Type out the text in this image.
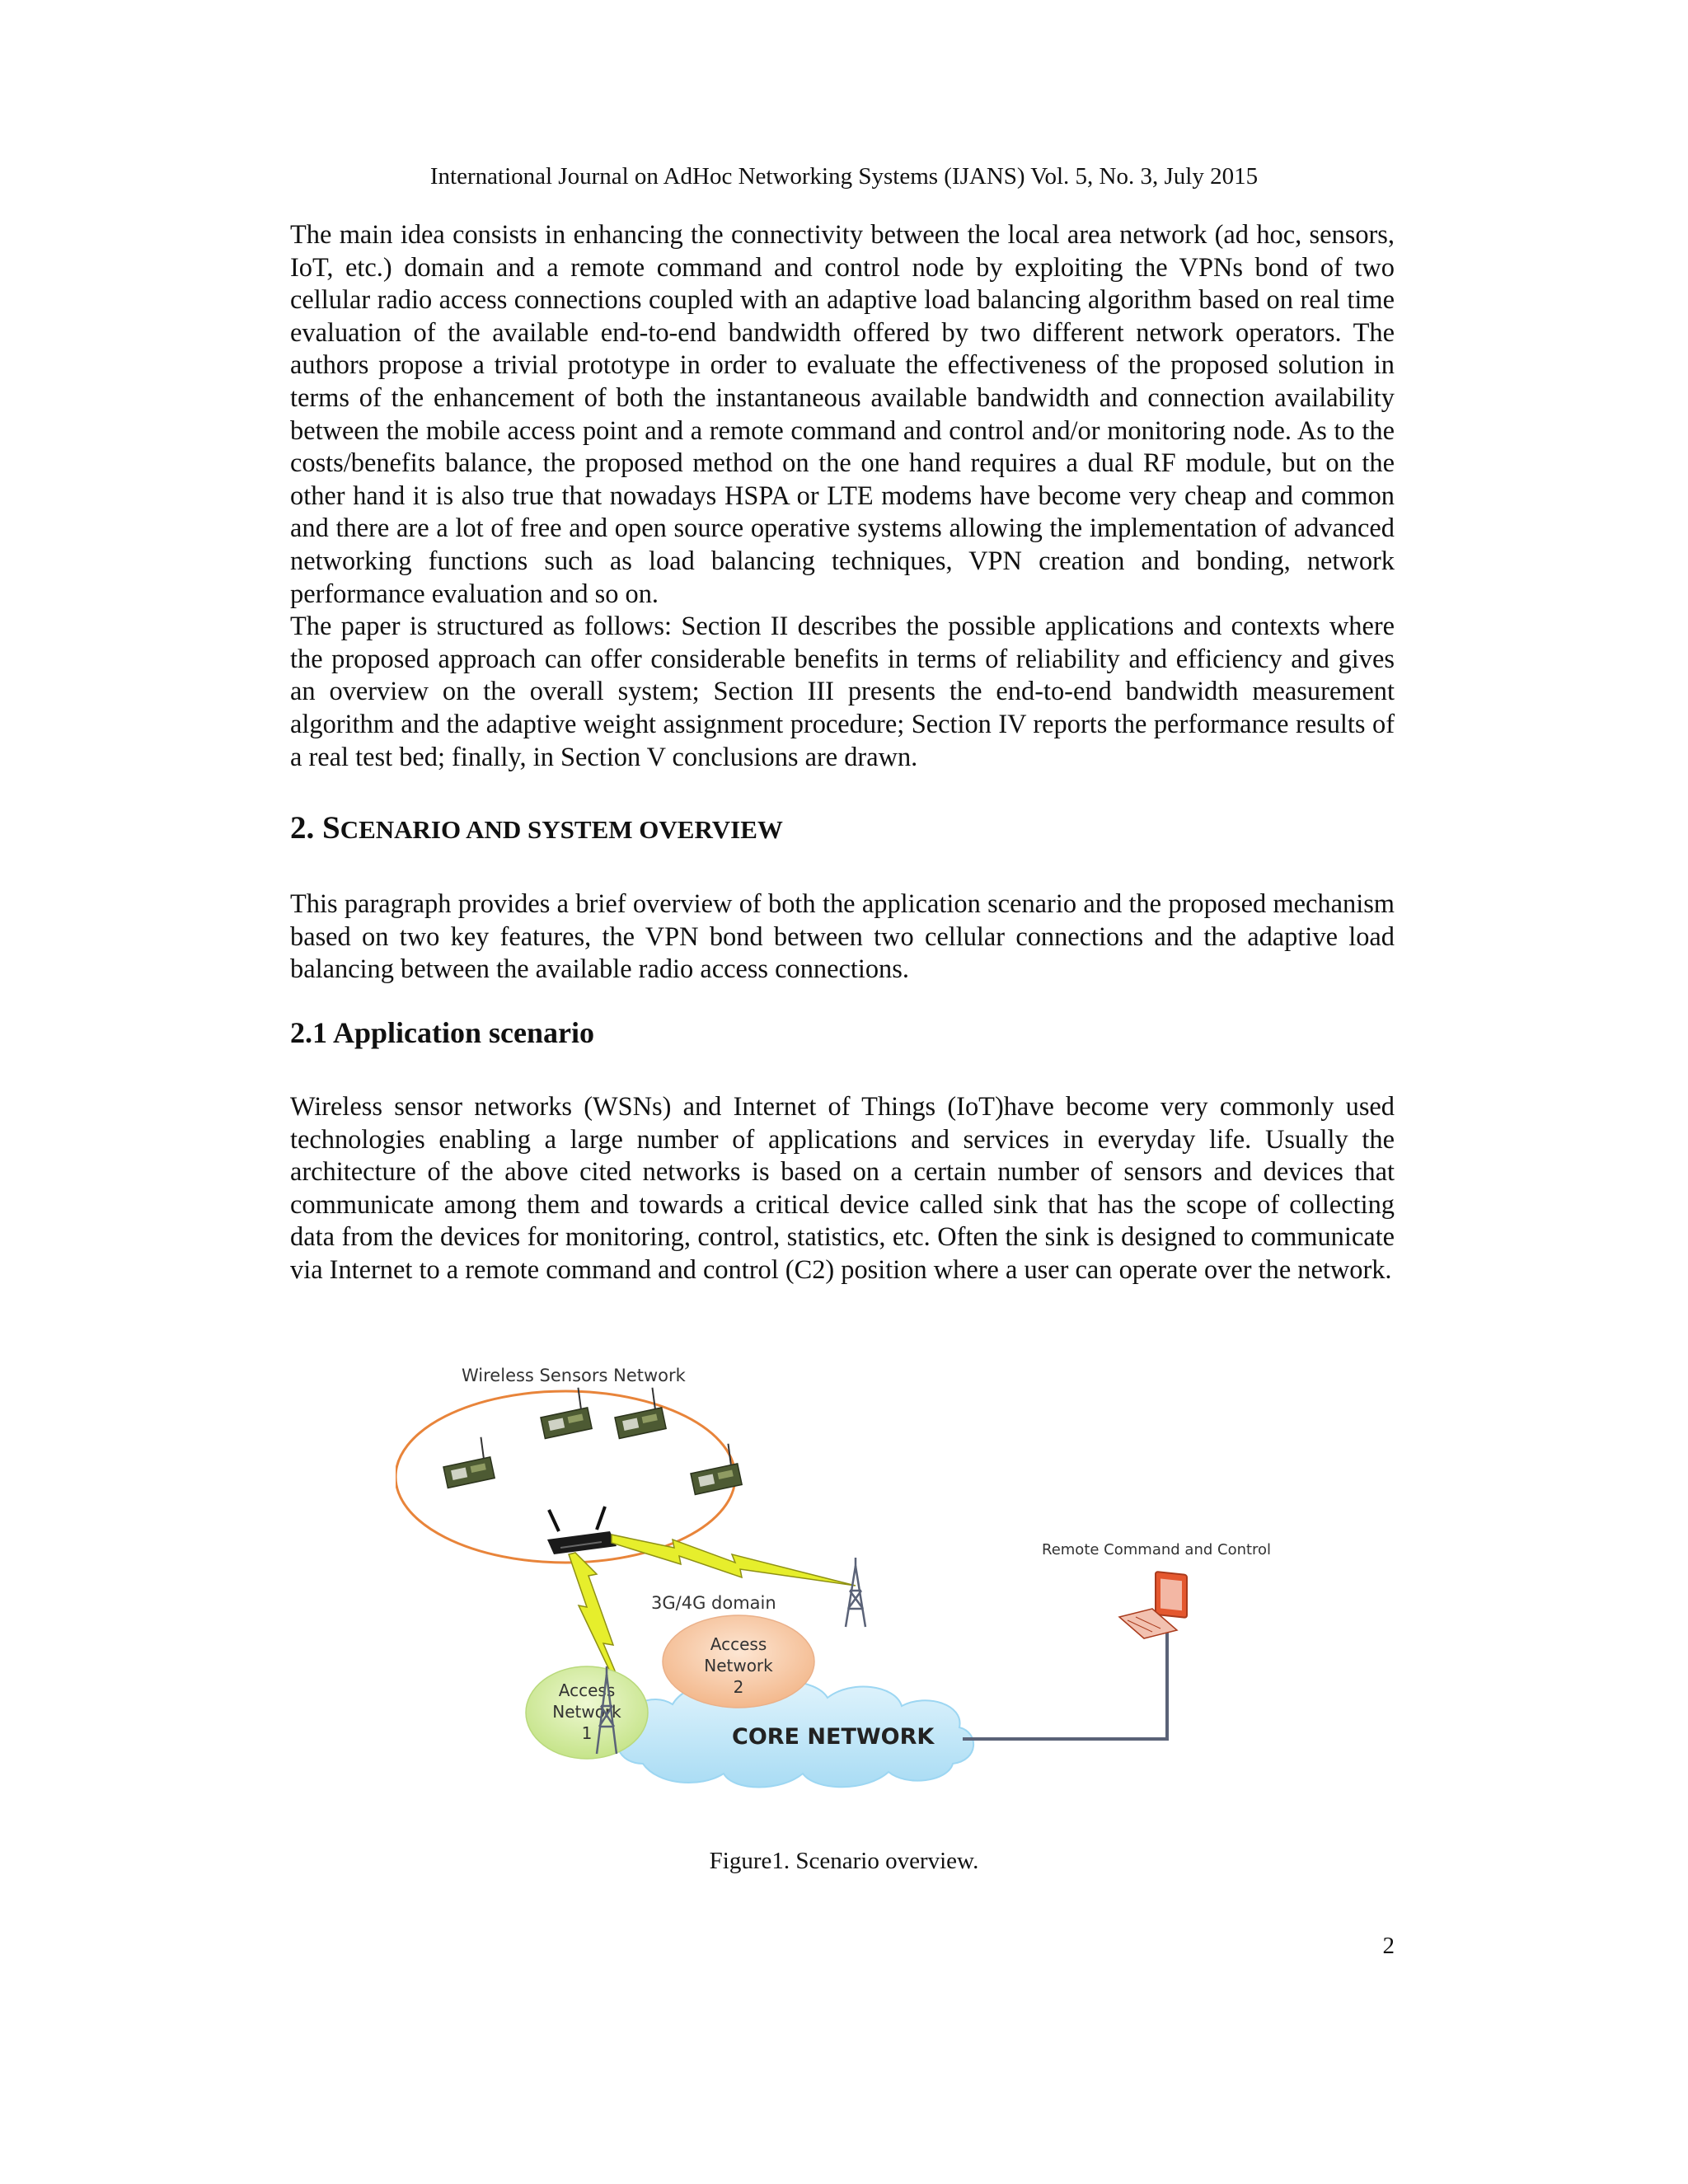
International Journal on AdHoc Networking Systems (IJANS) Vol. 5, No. 3, July 2015

The main idea consists in enhancing the connectivity between the local area network (ad hoc, sensors, IoT, etc.) domain and a remote command and control node by exploiting the VPNs bond of two cellular radio access connections coupled with an adaptive load balancing algorithm based on real time evaluation of the available end-to-end bandwidth offered by two different network operators. The authors propose a trivial prototype in order to evaluate the effectiveness of the proposed solution in terms of the enhancement of both the instantaneous available bandwidth and connection availability between the mobile access point and a remote command and control and/or monitoring node. As to the costs/benefits balance, the proposed method on the one hand requires a dual RF module, but on the other hand it is also true that nowadays HSPA or LTE modems have become very cheap and common and there are a lot of free and open source operative systems allowing the implementation of advanced networking functions such as load balancing techniques, VPN creation and bonding, network performance evaluation and so on.

The paper is structured as follows: Section II describes the possible applications and contexts where the proposed approach can offer considerable benefits in terms of reliability and efficiency and gives an overview on the overall system; Section III presents the end-to-end bandwidth measurement algorithm and the adaptive weight assignment procedure; Section IV reports the performance results of a real test bed; finally, in Section V conclusions are drawn.

2. SCENARIO AND SYSTEM OVERVIEW

This paragraph provides a brief overview of both the application scenario and the proposed mechanism based on two key features, the VPN bond between two cellular connections and the adaptive load balancing between the available radio access connections.

2.1 Application scenario

Wireless sensor networks (WSNs) and Internet of Things (IoT)have become very commonly used technologies enabling a large number of applications and services in everyday life. Usually the architecture of the above cited networks is based on a certain number of sensors and devices that communicate among them and towards a critical device called sink that has the scope of collecting data from the devices for monitoring, control, statistics, etc. Often the sink is designed to communicate via Internet to a remote command and control (C2) position where a user can operate over the network.

Wireless Sensors Network
3G/4G domain
CORE NETWORK
Access
Network
1
Access
Network
2
Remote Command and Control
Figure1. Scenario overview.
2
